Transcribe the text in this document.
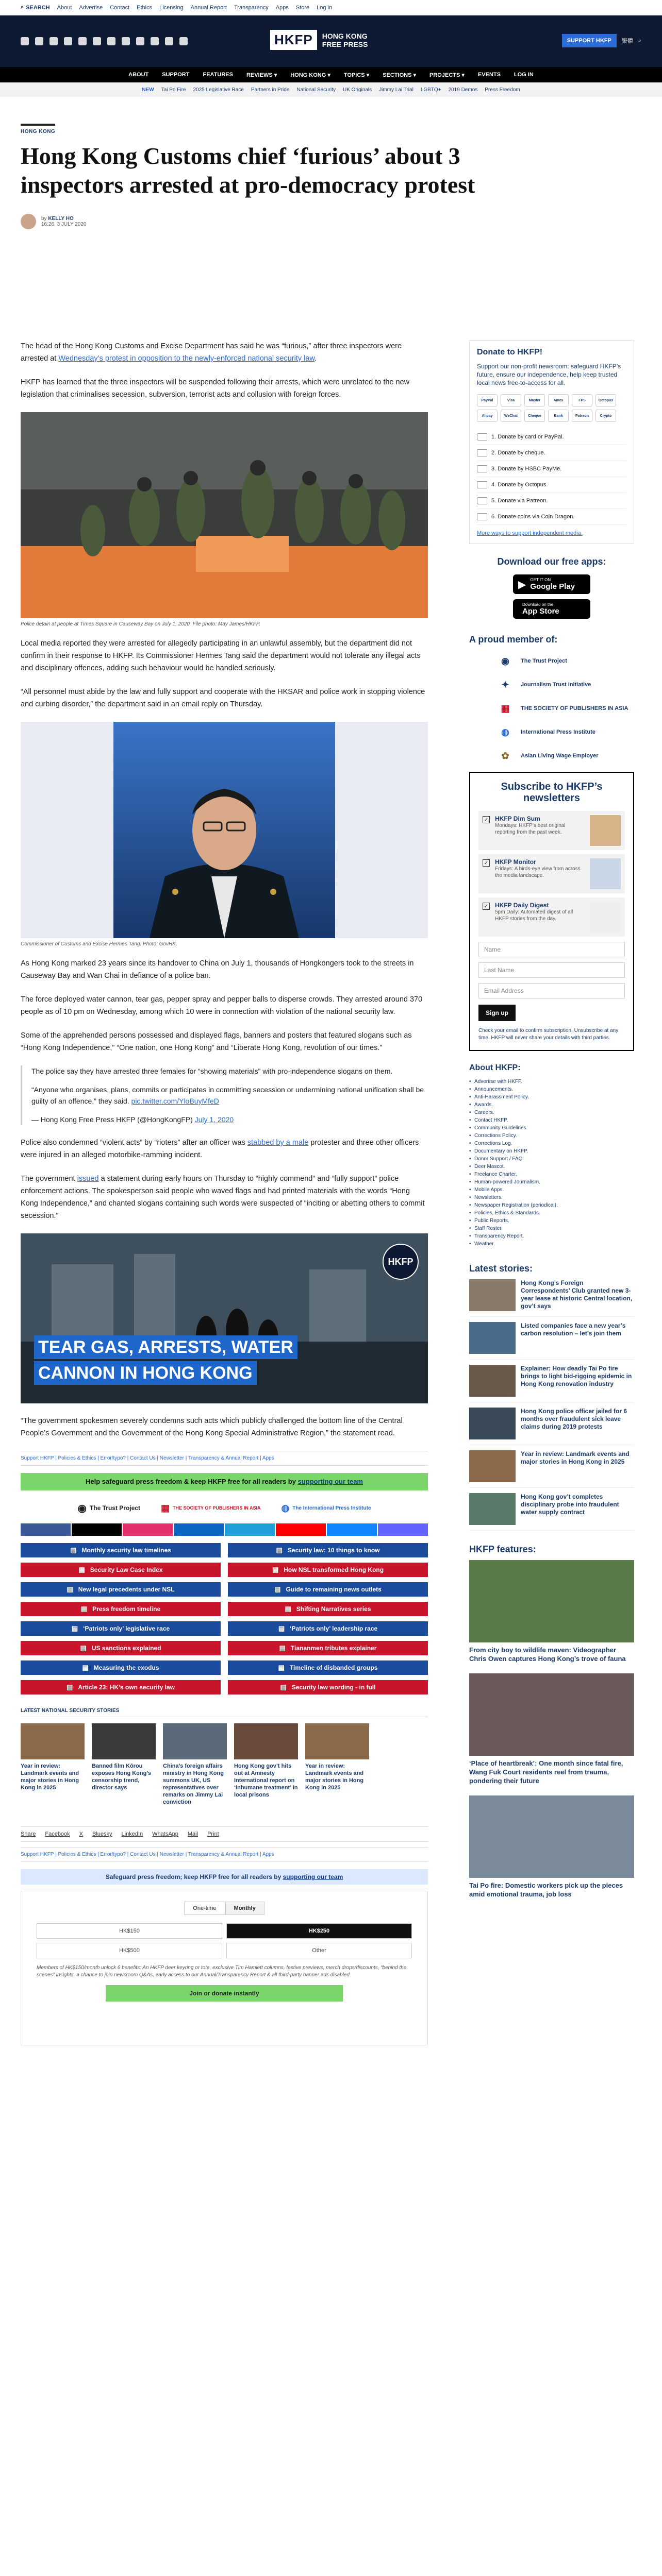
⌕ SEARCH About Advertise Contact Ethics Licensing Annual Report Transparency Apps Store Log in
HKFP	HONG KONG
FREE PRESS	SUPPORT HKFP	繁體 ⌕
ABOUT SUPPORT FEATURES REVIEWS ▾ HONG KONG ▾ TOPICS ▾ SECTIONS ▾ PROJECTS ▾ EVENTS LOG IN
NEW Tai Po Fire 2025 Legislative Race Partners in Pride National Security UK Originals Jimmy Lai Trial LGBTQ+ 2019 Demos Press Freedom
HONG KONG
Hong Kong Customs chief ‘furious’ about 3 inspectors arrested at pro-democracy protest
by KELLY HO
16:26, 3 JULY 2020

The head of the Hong Kong Customs and Excise Department has said he was “furious,” after three inspectors were arrested at Wednesday’s protest in opposition to the newly-enforced national security law.

HKFP has learned that the three inspectors will be suspended following their arrests, which were unrelated to the new legislation that criminalises secession, subversion, terrorist acts and collusion with foreign forces.

Police detain at people at Times Square in Causeway Bay on July 1, 2020. File photo: May James/HKFP.

Local media reported they were arrested for allegedly participating in an unlawful assembly, but the department did not confirm in their response to HKFP. Its Commissioner Hermes Tang said the department would not tolerate any illegal acts and disciplinary offences, adding such behaviour would be handled seriously.

“All personnel must abide by the law and fully support and cooperate with the HKSAR and police work in stopping violence and curbing disorder,” the department said in an email reply on Thursday.

Commissioner of Customs and Excise Hermes Tang. Photo: GovHK.

As Hong Kong marked 23 years since its handover to China on July 1, thousands of Hongkongers took to the streets in Causeway Bay and Wan Chai in defiance of a police ban.

The force deployed water cannon, tear gas, pepper spray and pepper balls to disperse crowds. They arrested around 370 people as of 10 pm on Wednesday, among which 10 were in connection with violation of the national security law.

Some of the apprehended persons possessed and displayed flags, banners and posters that featured slogans such as “Hong Kong Independence,” “One nation, one Hong Kong” and “Liberate Hong Kong, revolution of our times.”

The police say they have arrested three females for “showing materials” with pro-independence slogans on them.

“Anyone who organises, plans, commits or participates in committing secession or undermining national unification shall be guilty of an offence,” they said. pic.twitter.com/YloBuyMfeD

— Hong Kong Free Press HKFP (@HongKongFP) July 1, 2020

Police also condemned “violent acts” by “rioters” after an officer was stabbed by a male protester and three other officers were injured in an alleged motorbike-ramming incident.

The government issued a statement during early hours on Thursday to “highly commend” and “fully support” police enforcement actions. The spokesperson said people who waved flags and had printed materials with the words “Hong Kong Independence,” and chanted slogans containing such words were suspected of “inciting or abetting others to commit secession.”

HKFP
TEAR GAS, ARRESTS, WATER
CANNON IN HONG KONG

“The government spokesmen severely condemns such acts which publicly challenged the bottom line of the Central People’s Government and the Government of the Hong Kong Special Administrative Region,” the statement read.

Support HKFP | Policies & Ethics | Error/typo? | Contact Us | Newsletter | Transparency & Annual Report | Apps
Help safeguard press freedom & keep HKFP free for all readers by supporting our team
◉ The Trust Project ▦ THE SOCIETY OF PUBLISHERS IN ASIA ◍ The International Press Institute
▤ Monthly security law timelines	▤ Security law: 10 things to know
▤ Security Law Case Index	▤ How NSL transformed Hong Kong
▤ New legal precedents under NSL	▤ Guide to remaining news outlets
▤ Press freedom timeline	▤ Shifting Narratives series
▤ ‘Patriots only’ legislative race	▤ ‘Patriots only’ leadership race
▤ US sanctions explained	▤ Tiananmen tributes explainer
▤ Measuring the exodus	▤ Timeline of disbanded groups
▤ Article 23: HK’s own security law	▤ Security law wording - in full
LATEST NATIONAL SECURITY STORIES
Year in review: Landmark events and major stories in Hong Kong in 2025
Banned film Kōrou exposes Hong Kong’s censorship trend, director says
China’s foreign affairs ministry in Hong Kong summons UK, US representatives over remarks on Jimmy Lai conviction
Hong Kong gov’t hits out at Amnesty International report on ‘inhumane treatment’ in local prisons
Year in review: Landmark events and major stories in Hong Kong in 2025
Share Facebook X Bluesky LinkedIn WhatsApp Mail Print
Support HKFP | Policies & Ethics | Error/typo? | Contact Us | Newsletter | Transparency & Annual Report | Apps
Safeguard press freedom; keep HKFP free for all readers by supporting our team
One-time	Monthly
HK$150	HK$250
HK$500	Other
Members of HK$150/month unlock 6 benefits: An HKFP deer keyring or tote, exclusive Tim Hamlett columns, festive previews, merch drops/discounts, “behind the scenes” insights, a chance to join newsroom Q&As, early access to our Annual/Transparency Report & all third-party banner ads disabled.
Join or donate instantly
Donate to HKFP!
Support our non-profit newsroom: safeguard HKFP’s future, ensure our independence, help keep trusted local news free-to-access for all.
PayPal	Visa	Master	Amex	FPS	Octopus
Alipay	WeChat	Cheque	Bank	Patreon	Crypto
1. Donate by card or PayPal.
2. Donate by cheque.
3. Donate by HSBC PayMe.
4. Donate by Octopus.
5. Donate via Patreon.
6. Donate coins via Coin Dragon.
More ways to support independent media.
Download our free apps:
▶ GET IT ON
Google Play
Download on the
App Store
A proud member of:
◉	The Trust Project
✦	Journalism Trust Initiative
▦	THE SOCIETY OF PUBLISHERS IN ASIA
◍	International Press Institute
✿	Asian Living Wage Employer
Subscribe to HKFP’s newsletters
✓ HKFP Dim Sum
Mondays: HKFP’s best original reporting from the past week.
✓ HKFP Monitor
Fridays: A birds-eye view from across the media landscape.
✓ HKFP Daily Digest
5pm Daily: Automated digest of all HKFP stories from the day.
Name
Last Name
Email Address
Sign up
Check your email to confirm subscription. Unsubscribe at any time. HKFP will never share your details with third parties.
About HKFP:
• Advertise with HKFP.
• Announcements.
• Anti-Harassment Policy.
• Awards.
• Careers.
• Contact HKFP.
• Community Guidelines.
• Corrections Policy.
• Corrections Log.
• Documentary on HKFP.
• Donor Support / FAQ.
• Deer Mascot.
• Freelance Charter.
• Human-powered Journalism.
• Mobile Apps.
• Newsletters.
• Newspaper Registration (periodical).
• Policies, Ethics & Standards.
• Public Reports.
• Staff Roster.
• Transparency Report.
• Weather.
Latest stories:
Hong Kong’s Foreign Correspondents’ Club granted new 3-year lease at historic Central location, gov’t says
Listed companies face a new year’s carbon resolution – let’s join them
Explainer: How deadly Tai Po fire brings to light bid-rigging epidemic in Hong Kong renovation industry
Hong Kong police officer jailed for 6 months over fraudulent sick leave claims during 2019 protests
Year in review: Landmark events and major stories in Hong Kong in 2025
Hong Kong gov’t completes disciplinary probe into fraudulent water supply contract
HKFP features:
From city boy to wildlife maven: Videographer Chris Owen captures Hong Kong’s trove of fauna
‘Place of heartbreak’: One month since fatal fire, Wang Fuk Court residents reel from trauma, pondering their future
Tai Po fire: Domestic workers pick up the pieces amid emotional trauma, job loss
